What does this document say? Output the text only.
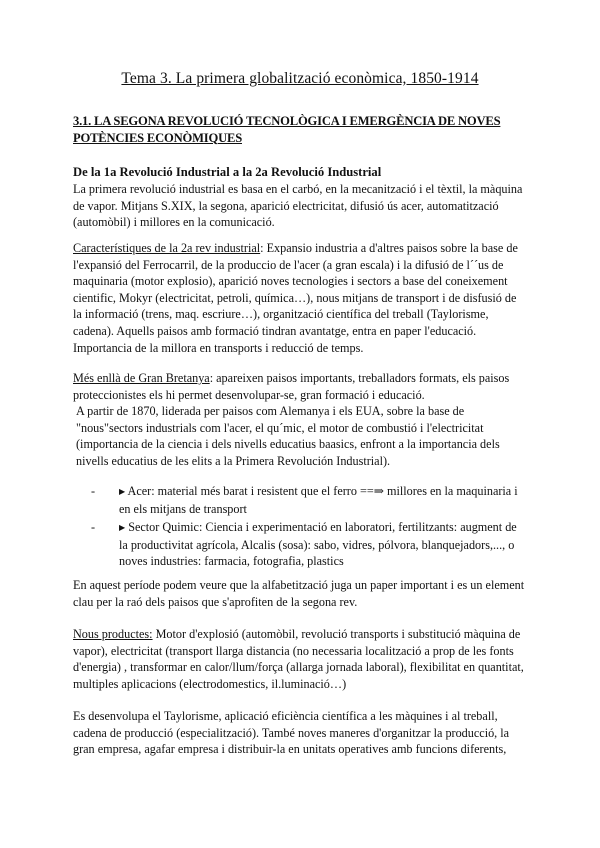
Tema 3. La primera globalització econòmica, 1850-1914
3.1. LA SEGONA REVOLUCIÓ TECNOLÒGICA I EMERGÈNCIA DE NOVES POTÈNCIES ECONÒMIQUES
De la 1a Revolució Industrial a la 2a Revolució Industrial

La primera revolució industrial es basa en el carbó, en la mecanització i el tèxtil, la màquina de vapor. Mitjans S.XIX, la segona, aparició electricitat, difusió ús acer, automatització (automòbil) i millores en la comunicació.

Característiques de la 2a rev industrial: Expansio industria a d'altres paisos sobre la base de l'expansió del Ferrocarril, de la produccio de l'acer (a gran escala) i la difusió de l´´us de maquinaria (motor explosio), aparició noves tecnologies i sectors a base del coneixement cientific, Mokyr (electricitat, petroli, química…), nous mitjans de transport i de disfusió de la informació (trens, maq. escriure…), organització científica del treball (Taylorisme, cadena). Aquells paisos amb formació tindran avantatge, entra en paper l'educació. Importancia de la millora en transports i reducció de temps.

Més enllà de Gran Bretanya: apareixen paisos importants, treballadors formats, els paisos proteccionistes els hi permet desenvolupar-se, gran formació i educació.
A partir de 1870, liderada per paisos com Alemanya i els EUA, sobre la base de "nous"sectors industrials com l'acer, el qu´mic, el motor de combustió i l'electricitat (importancia de la ciencia i dels nivells educatius baasics, enfront a la importancia dels nivells educatius de les elits a la Primera Revolución Industrial).
-	▶ Acer: material més barat i resistent que el ferro ==⇒ millores en la maquinaria i en els mitjans de transport
-	▶ Sector Quimic: Ciencia i experimentació en laboratori, fertilitzants: augment de la productivitat agrícola, Alcalis (sosa): sabo, vidres, pólvora, blanquejadors,..., o noves industries: farmacia, fotografia, plastics

En aquest període podem veure que la alfabetització juga un paper important i es un element clau per la raó dels paisos que s'aprofiten de la segona rev.

Nous productes: Motor d'explosió (automòbil, revolució transports i substitució màquina de vapor), electricitat (transport llarga distancia (no necessaria localització a prop de les fonts d'energia) , transformar en calor/llum/força (allarga jornada laboral), flexibilitat en quantitat, multiples aplicacions (electrodomestics, il.luminació…)

Es desenvolupa el Taylorisme, aplicació eficiència científica a les màquines i al treball, cadena de producció (especialització). També noves maneres d'organitzar la producció, la gran empresa, agafar empresa i distribuir-la en unitats operatives amb funcions diferents,
